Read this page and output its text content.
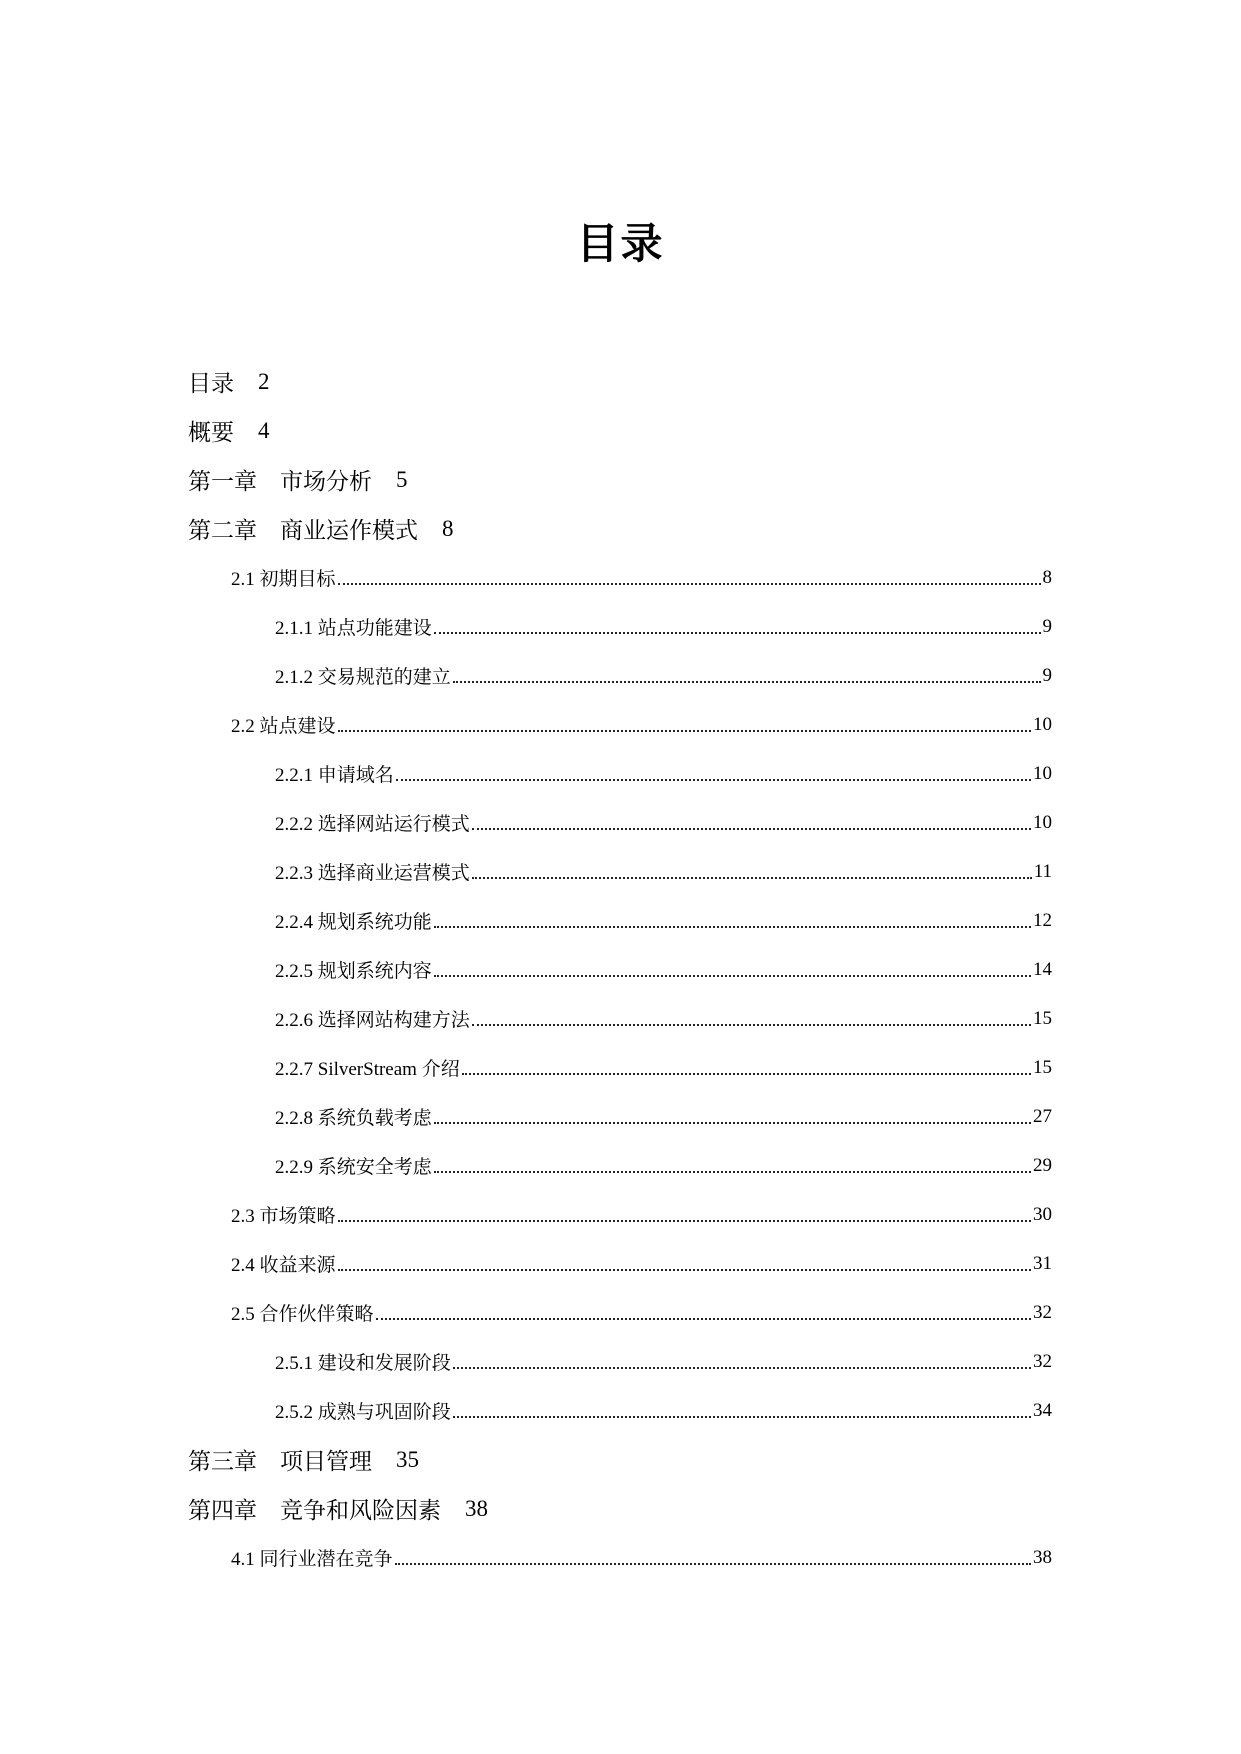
目录
目录 2
概要 4
第一章　市场分析 5
第二章　商业运作模式 8
2.1 初期目标	8
2.1.1 站点功能建设	9
2.1.2 交易规范的建立	9
2.2 站点建设	10
2.2.1 申请域名	10
2.2.2 选择网站运行模式	10
2.2.3 选择商业运营模式	11
2.2.4 规划系统功能	12
2.2.5 规划系统内容	14
2.2.6 选择网站构建方法	15
2.2.7 SilverStream 介绍	15
2.2.8 系统负载考虑	27
2.2.9 系统安全考虑	29
2.3 市场策略	30
2.4 收益来源	31
2.5 合作伙伴策略	32
2.5.1 建设和发展阶段	32
2.5.2 成熟与巩固阶段	34
第三章　项目管理 35
第四章　竞争和风险因素 38
4.1 同行业潜在竞争	38
